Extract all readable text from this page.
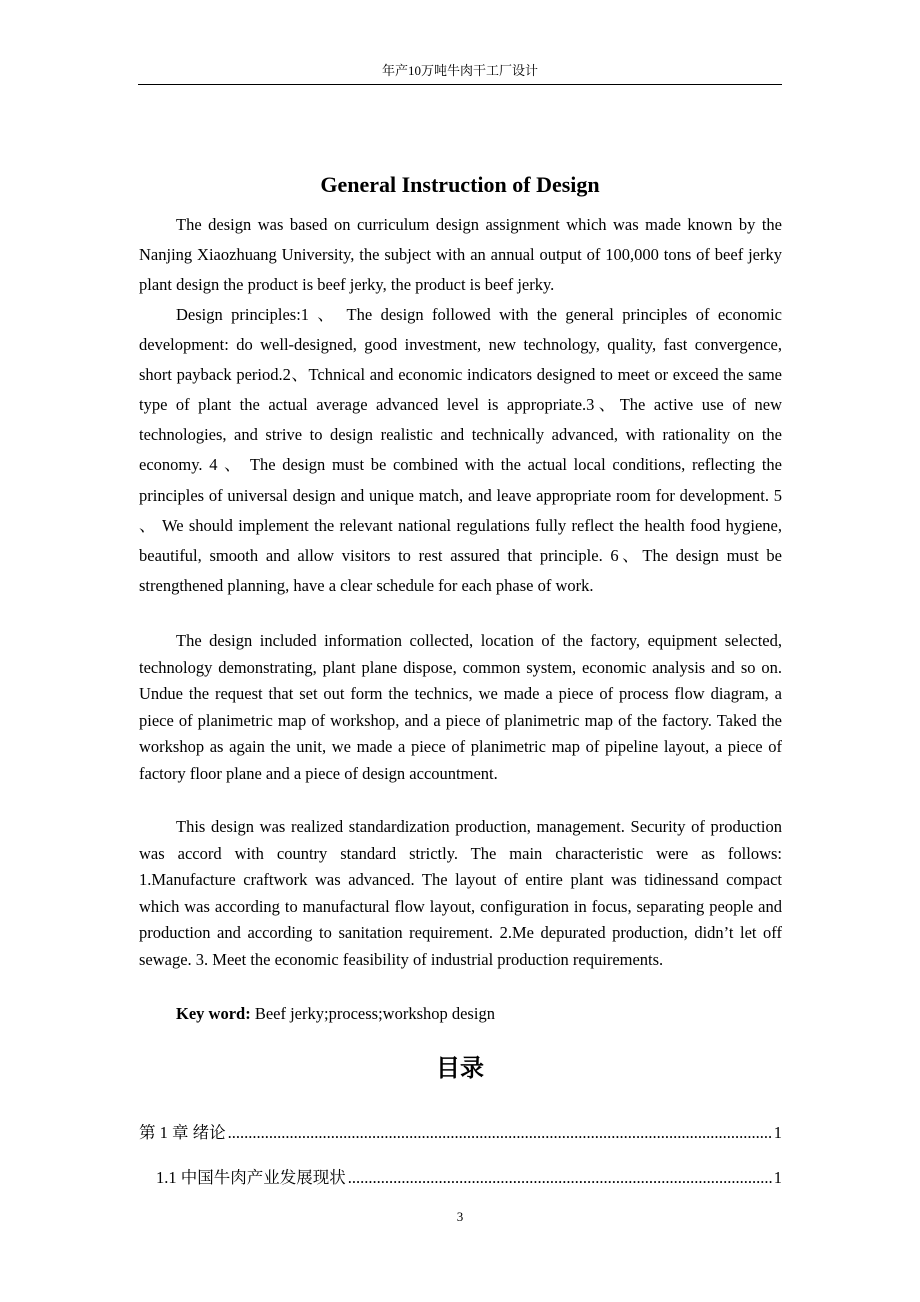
年产10万吨牛肉干工厂设计
General Instruction of Design

The design was based on curriculum design assignment which was made known by the Nanjing Xiaozhuang University, the subject with an annual output of 100,000 tons of beef jerky plant design the product is beef jerky, the product is beef jerky.

Design principles:1 、 The design followed with the general principles of economic development: do well-designed, good investment, new technology, quality, fast convergence, short payback period.2、Tchnical and economic indicators designed to meet or exceed the same type of plant the actual average advanced level is appropriate.3、The active use of new technologies, and strive to design realistic and technically advanced, with rationality on the economy. 4 、 The design must be combined with the actual local conditions, reflecting the principles of universal design and unique match, and leave appropriate room for development. 5 、 We should implement the relevant national regulations fully reflect the health food hygiene, beautiful, smooth and allow visitors to rest assured that principle. 6、The design must be strengthened planning, have a clear schedule for each phase of work.

The design included information collected, location of the factory, equipment selected, technology demonstrating, plant plane dispose, common system, economic analysis and so on. Undue the request that set out form the technics, we made a piece of process flow diagram, a piece of planimetric map of workshop, and a piece of planimetric map of the factory. Taked the workshop as again the unit, we made a piece of planimetric map of pipeline layout, a piece of factory floor plane and a piece of design accountment.

This design was realized standardization production, management. Security of production was accord with country standard strictly. The main characteristic were as follows: 1.Manufacture craftwork was advanced. The layout of entire plant was tidinessand compact which was according to manufactural flow layout, configuration in focus, separating people and production and according to sanitation requirement. 2.Me depurated production, didn’t let off sewage. 3. Meet the economic feasibility of industrial production requirements.

Key word: Beef jerky;process;workshop design

目录
第 1 章 绪论 .....	1
1.1 中国牛肉产业发展现状 .....	1
3
